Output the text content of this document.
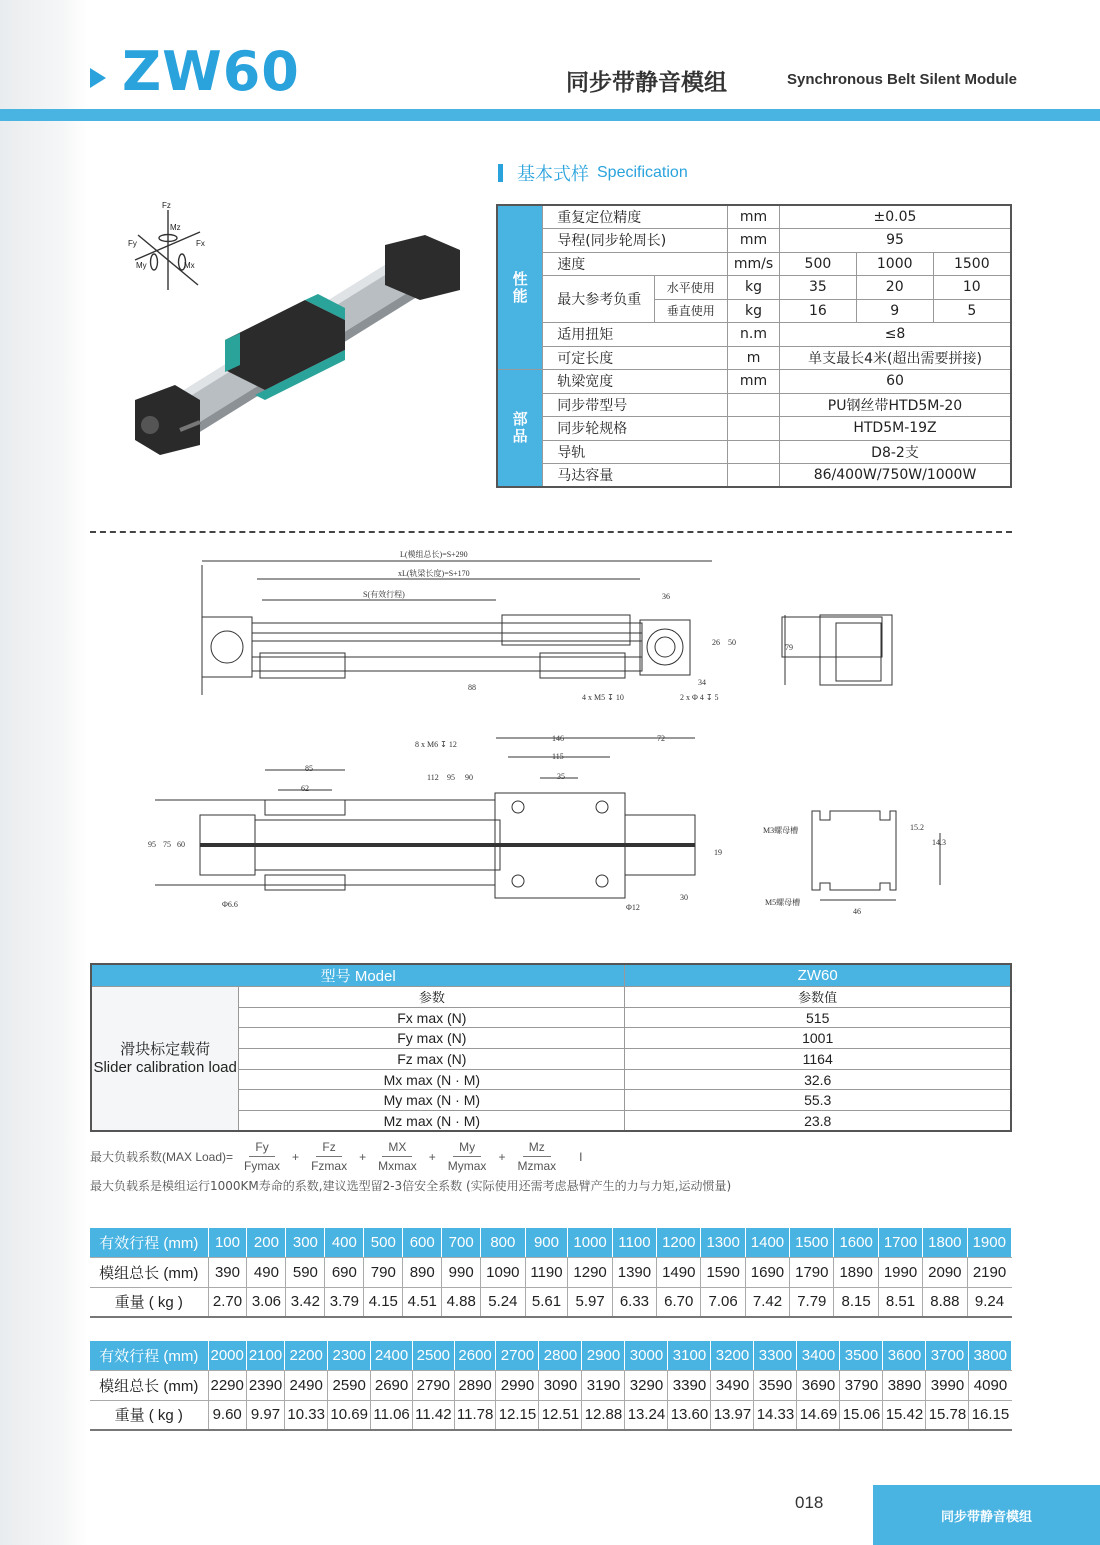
ZW60	同步带静音模组	Synchronous Belt Silent Module
Fz
Fy	Fx
Mz
My	Mx
基本式样 Specification
性
能	重复定位精度		mm	±0.05		
	导程(同步轮周长)		mm	95		
	速度		mm/s	500	1000	1500
	最大参考负重	水平使用	kg	35	20	10
		垂直使用	kg	16	9	5
	适用扭矩		n.m	≤8		
	可定长度		m	单支最长4米(超出需要拼接)		
部
品	轨梁宽度		mm	60		
	同步带型号			PU钢丝带HTD5M-20		
	同步轮规格			HTD5M-19Z		
	导轨			D8-2支		
	马达容量			86/400W/750W/1000W		
L(模组总长)=S+290
xL(轨梁长度)=S+170
S(有效行程)	36
26 50
79
34
88
4 x M5 ↧ 10	2 x Φ 4 ↧ 5
8 x M6 ↧ 12
146	72
115
35
85
62
112 95 90
95 75 60
19
30
Φ6.6	Φ12
M3螺母槽
M5螺母槽
15.2
14.3
46
型号 Model		ZW60

滑块标定载荷
Slider calibration load	参数	参数值
	Fx max (N)	515
	Fy max (N)	1001
	Fz max (N)	1164
	Mx max (N · M)	32.6
	My max (N · M)	55.3
	Mz max (N · M)	23.8
最大负载系数(MAX Load)= $\frac{Fy}{Fymax} + \frac{Fz}{Fzmax} + \frac{MX}{Mxmax} + \frac{My}{Mymax} + \frac{Mz}{Mzmax}$ I
最大负载系是模组运行1000KM寿命的系数,建议选型留2-3倍安全系数 (实际使用还需考虑悬臂产生的力与力矩,运动惯量)
有效行程 (mm)	100	200	300	400	500	600	700	800	900	1000	1100	1200	1300	1400	1500	1600	1700	1800	1900
模组总长 (mm)	390	490	590	690	790	890	990	1090	1190	1290	1390	1490	1590	1690	1790	1890	1990	2090	2190
重量 ( kg )	2.70	3.06	3.42	3.79	4.15	4.51	4.88	5.24	5.61	5.97	6.33	6.70	7.06	7.42	7.79	8.15	8.51	8.88	9.24
有效行程 (mm)	2000	2100	2200	2300	2400	2500	2600	2700	2800	2900	3000	3100	3200	3300	3400	3500	3600	3700	3800
模组总长 (mm)	2290	2390	2490	2590	2690	2790	2890	2990	3090	3190	3290	3390	3490	3590	3690	3790	3890	3990	4090
重量 ( kg )	9.60	9.97	10.33	10.69	11.06	11.42	11.78	12.15	12.51	12.88	13.24	13.60	13.97	14.33	14.69	15.06	15.42	15.78	16.15
018
同步带静音模组
